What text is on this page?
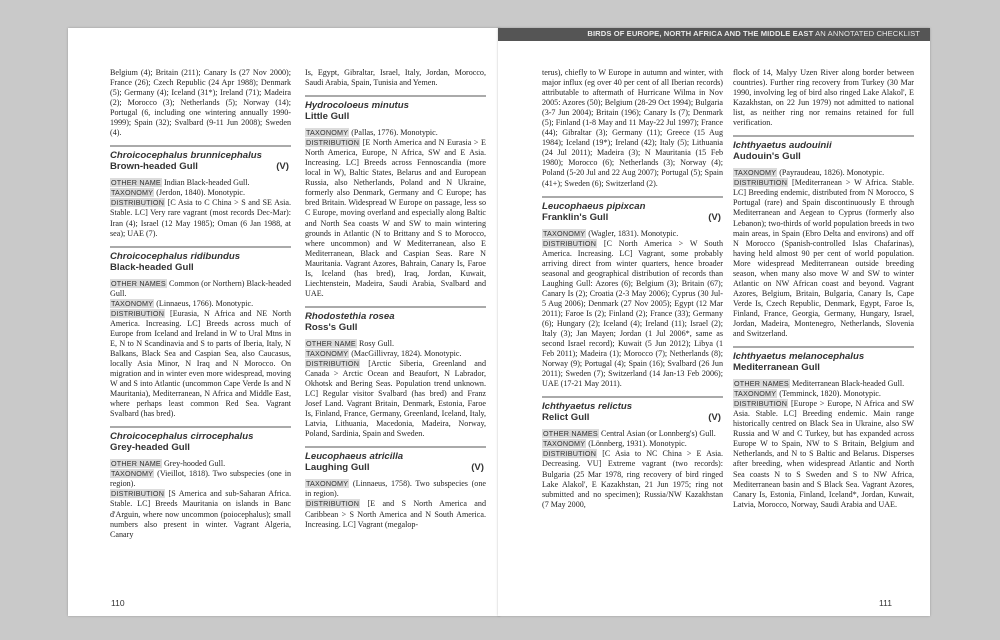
Belgium (4); Britain (211); Canary Is (27 Nov 2000); France (26); Czech Republic (24 Apr 1988); Denmark (5); Germany (4); Iceland (31*); Ireland (71); Madeira (2); Morocco (3); Netherlands (5); Norway (14); Portugal (6, including one wintering annually 1990-1999); Spain (32); Svalbard (9-11 Jun 2008); Sweden (4).

Chroicocephalus brunnicephalus
Brown-headed Gull	(V)

OTHER NAME Indian Black-headed Gull.

TAXONOMY (Jerdon, 1840). Monotypic.

DISTRIBUTION [C Asia to C China > S and SE Asia. Stable. LC] Very rare vagrant (most records Dec-Mar): Iran (4); Israel (12 May 1985); Oman (6 Jan 1988, at sea); UAE (7).

Chroicocephalus ridibundus
Black-headed Gull

OTHER NAMES Common (or Northern) Black-headed Gull.

TAXONOMY (Linnaeus, 1766). Monotypic.

DISTRIBUTION [Eurasia, N Africa and NE North America. Increasing. LC] Breeds across much of Europe from Iceland and Ireland in W to Ural Mtns in E, N to N Scandinavia and S to parts of Iberia, Italy, N Balkans, Black Sea and Caspian Sea, also Caucasus, locally Asia Minor, N Iraq and N Morocco. On migration and in winter even more widespread, moving W and S into Atlantic (uncommon Cape Verde Is and N Mauritania), Mediterranean, N Africa and Middle East, where perhaps least common Red Sea. Vagrant Svalbard (has bred).

Chroicocephalus cirrocephalus
Grey-headed Gull

OTHER NAME Grey-hooded Gull.

TAXONOMY (Vieillot, 1818). Two subspecies (one in region).

DISTRIBUTION [S America and sub-Saharan Africa. Stable. LC] Breeds Mauritania on islands in Banc d'Arguin, where now uncommon (poiocephalus); small numbers also present in winter. Vagrant Algeria, Canary

Is, Egypt, Gibraltar, Israel, Italy, Jordan, Morocco, Saudi Arabia, Spain, Tunisia and Yemen.

Hydrocoloeus minutus
Little Gull

TAXONOMY (Pallas, 1776). Monotypic.

DISTRIBUTION [E North America and N Eurasia > E North America, Europe, N Africa, SW and E Asia. Increasing. LC] Breeds across Fennoscandia (more local in W), Baltic States, Belarus and and European Russia, also Netherlands, Poland and N Ukraine, formerly also Denmark, Germany and C Europe; has bred Britain. Widespread W Europe on passage, less so C Europe, moving overland and especially along Baltic and North Sea coasts W and SW to main wintering grounds in Atlantic (N to Brittany and S to Morocco, where uncommon) and W Mediterranean, also E Mediterranean, Black and Caspian Seas. Rare N Mauritania. Vagrant Azores, Bahrain, Canary Is, Faroe Is, Iceland (has bred), Iraq, Jordan, Kuwait, Liechtenstein, Madeira, Saudi Arabia, Svalbard and UAE.

Rhodostethia rosea
Ross's Gull

OTHER NAME Rosy Gull.

TAXONOMY (MacGillivray, 1824). Monotypic.

DISTRIBUTION [Arctic Siberia, Greenland and Canada > Arctic Ocean and Beaufort, N Labrador, Okhotsk and Bering Seas. Population trend unknown. LC] Regular visitor Svalbard (has bred) and Franz Josef Land. Vagrant Britain, Denmark, Estonia, Faroe Is, Finland, France, Germany, Greenland, Iceland, Italy, Latvia, Lithuania, Macedonia, Madeira, Norway, Poland, Sardinia, Spain and Sweden.

Leucophaeus atricilla
Laughing Gull	(V)

TAXONOMY (Linnaeus, 1758). Two subspecies (one in region).

DISTRIBUTION [E and S North America and Caribbean > S North America and N South America. Increasing. LC] Vagrant (megalop-

110
BIRDS OF EUROPE, NORTH AFRICA AND THE MIDDLE EAST AN ANNOTATED CHECKLIST

terus), chiefly to W Europe in autumn and winter, with major influx (eg over 40 per cent of all Iberian records) attributable to aftermath of Hurricane Wilma in Nov 2005: Azores (50); Belgium (28-29 Oct 1994); Bulgaria (3-7 Jun 2004); Britain (196); Canary Is (7); Denmark (5); Finland (1-8 May and 11 May-22 Jul 1997); France (44); Gibraltar (3); Germany (11); Greece (15 Aug 1984); Iceland (19*); Ireland (42); Italy (5); Lithuania (24 Jul 2011); Madeira (3); N Mauritania (15 Feb 1980); Morocco (6); Netherlands (3); Norway (4); Poland (5-20 Jul and 22 Aug 2007); Portugal (5); Spain (41+); Sweden (6); Switzerland (2).

Leucophaeus pipixcan
Franklin's Gull	(V)

TAXONOMY (Wagler, 1831). Monotypic.

DISTRIBUTION [C North America > W South America. Increasing. LC] Vagrant, some probably arriving direct from winter quarters, hence broader seasonal and geographical distribution of records than Laughing Gull: Azores (6); Belgium (3); Britain (67); Canary Is (2); Croatia (2-3 May 2006); Cyprus (30 Jul-5 Aug 2006); Denmark (27 Nov 2005); Egypt (12 Mar 2011); Faroe Is (2); Finland (2); France (33); Germany (6); Hungary (2); Iceland (4); Ireland (11); Israel (2); Italy (3); Jan Mayen; Jordan (1 Jul 2006*, same as second Israel record); Kuwait (5 Jun 2012); Libya (1 Feb 2011); Madeira (1); Morocco (7); Netherlands (8); Norway (9); Portugal (4); Spain (16); Svalbard (26 Jun 2011); Sweden (7); Switzerland (14 Jan-13 Feb 2006); UAE (17-21 May 2011).

Ichthyaetus relictus
Relict Gull	(V)

OTHER NAMES Central Asian (or Lonnberg's) Gull.

TAXONOMY (Lönnberg, 1931). Monotypic.

DISTRIBUTION [C Asia to NC China > E Asia. Decreasing. VU] Extreme vagrant (two records): Bulgaria (25 Mar 1978, ring recovery of bird ringed Lake Alakol', E Kazakhstan, 21 Jun 1975; ring not submitted and no specimen); Russia/NW Kazakhstan (7 May 2000,

flock of 14, Malyy Uzen River along border between countries). Further ring recovery from Turkey (30 Mar 1990, involving leg of bird also ringed Lake Alakol', E Kazakhstan, on 22 Jun 1979) not admitted to national list, as neither ring nor remains retained for full verification.

Ichthyaetus audouinii
Audouin's Gull

TAXONOMY (Payraudeau, 1826). Monotypic.

DISTRIBUTION [Mediterranean > W Africa. Stable. LC] Breeding endemic, distributed from N Morocco, S Portugal (rare) and Spain discontinuously E through Mediterranean and Aegean to Cyprus (formerly also Lebanon); two-thirds of world population breeds in two main areas, in Spain (Ebro Delta and environs) and off N Morocco (Spanish-controlled Islas Chafarinas), having held almost 90 per cent of world population. More widespread Mediterranean outside breeding season, when many also move W and SW to winter Atlantic on NW African coast and beyond. Vagrant Azores, Belgium, Britain, Bulgaria, Canary Is, Cape Verde Is, Czech Republic, Denmark, Egypt, Faroe Is, Finland, France, Georgia, Germany, Hungary, Israel, Jordan, Madeira, Montenegro, Netherlands, Slovenia and Switzerland.

Ichthyaetus melanocephalus
Mediterranean Gull

OTHER NAMES Mediterranean Black-headed Gull.

TAXONOMY (Temminck, 1820). Monotypic.

DISTRIBUTION [Europe > Europe, N Africa and SW Asia. Stable. LC] Breeding endemic. Main range historically centred on Black Sea in Ukraine, also SW Russia and W and C Turkey, but has expanded across Europe W to Spain, NW to S Britain, Belgium and Netherlands, and N to S Baltic and Belarus. Disperses after breeding, when widespread Atlantic and North Sea coasts N to S Sweden and S to NW Africa, Mediterranean basin and S Black Sea. Vagrant Azores, Canary Is, Estonia, Finland, Iceland*, Jordan, Kuwait, Latvia, Morocco, Norway, Saudi Arabia and UAE.

111
